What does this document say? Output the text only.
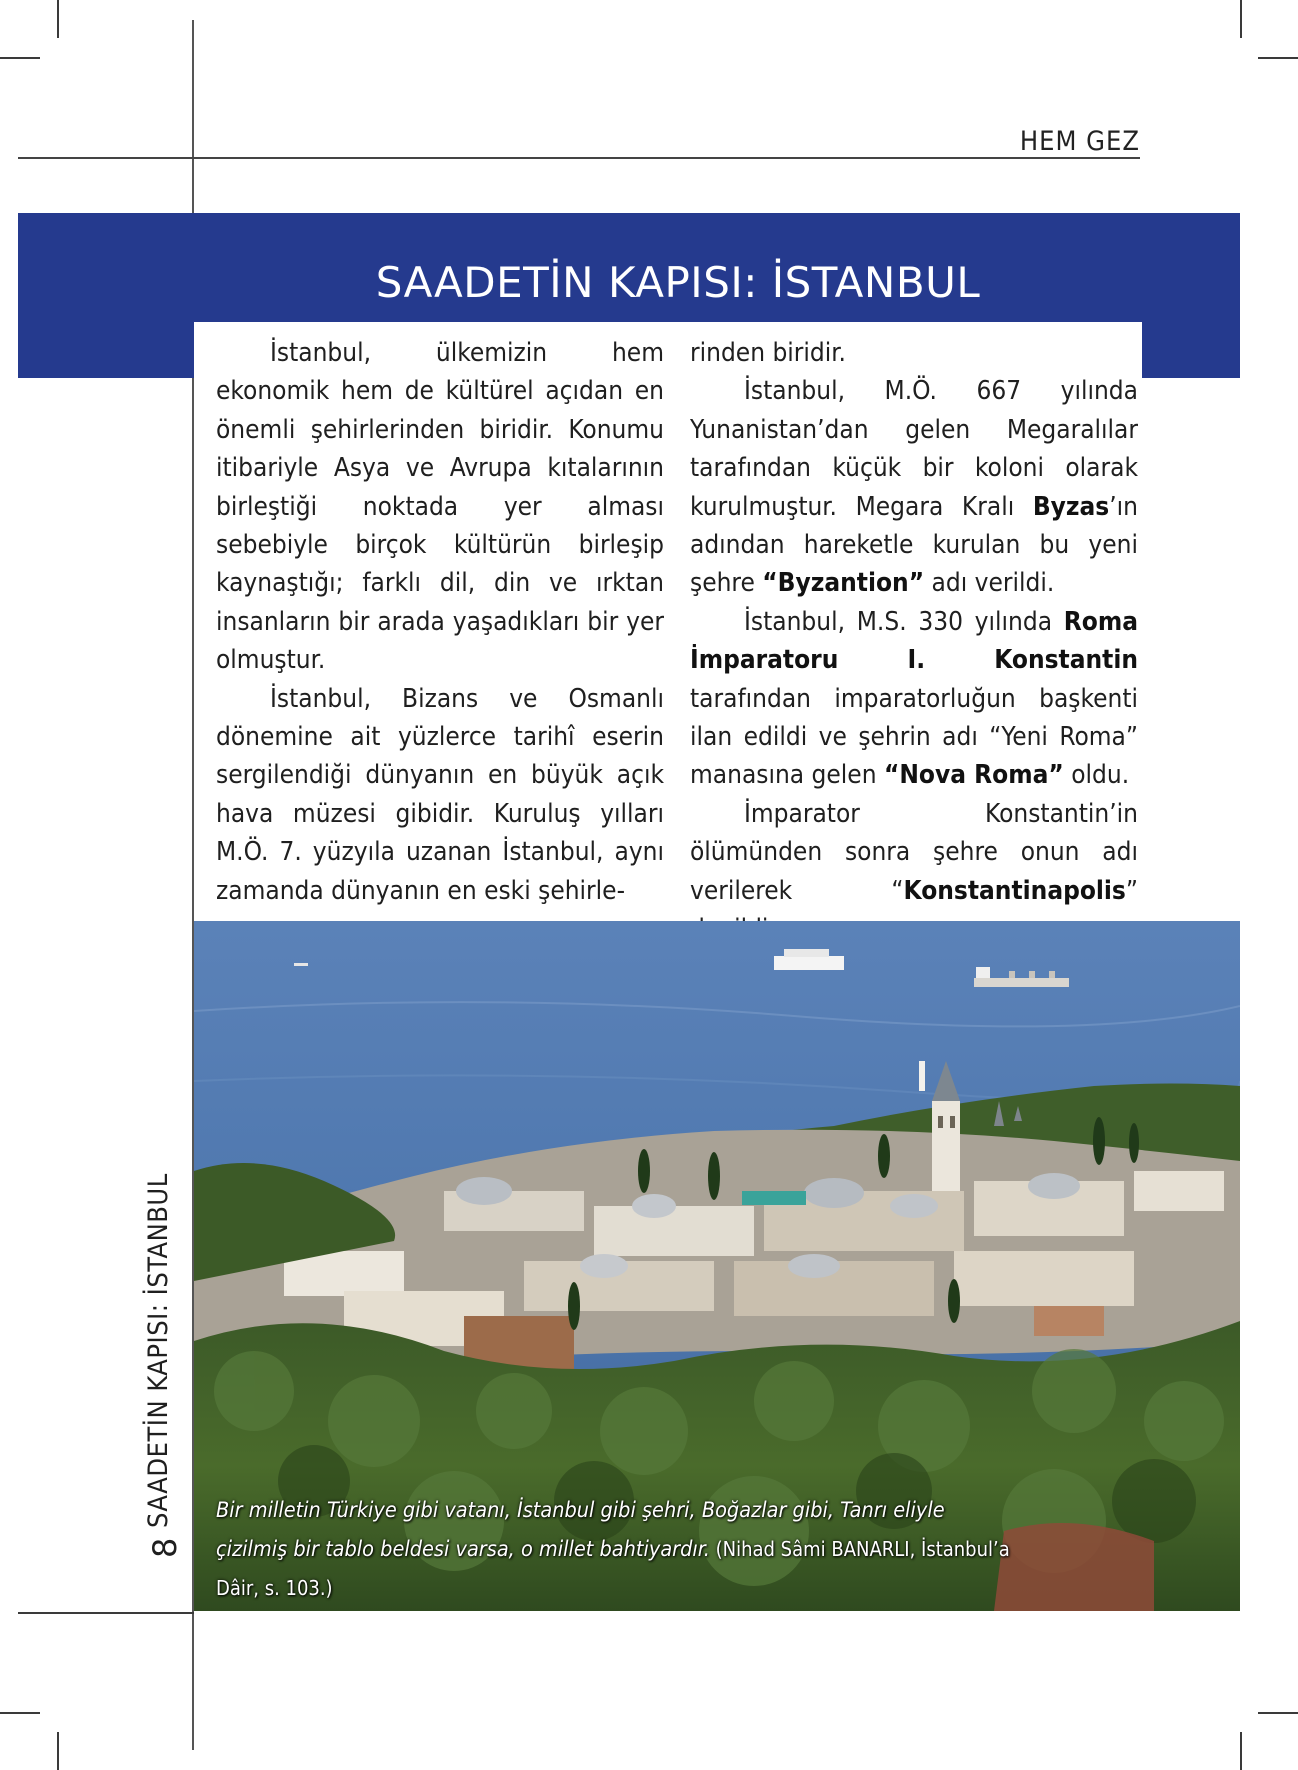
HEM GEZ
SAADETİN KAPISI: İSTANBUL

İstanbul, ülkemizin hem ekonomik hem de kültürel açıdan en önemli şehirlerinden biridir. Konumu itibariyle Asya ve Avrupa kıtalarının birleştiği noktada yer alması sebebiyle birçok kültürün birleşip kaynaştığı; farklı dil, din ve ırktan insanların bir arada yaşadıkları bir yer olmuştur.

İstanbul, Bizans ve Osmanlı dönemine ait yüzlerce tarihî eserin sergilendiği dünyanın en büyük açık hava müzesi gibidir. Kuruluş yılları M.Ö. 7. yüzyıla uzanan İstanbul, aynı zamanda dünyanın en eski şehirle-

rinden biridir.

İstanbul, M.Ö. 667 yılında Yunanistan’dan gelen Megaralılar tarafından küçük bir koloni olarak kurulmuştur. Megara Kralı Byzas’ın adından hareketle kurulan bu yeni şehre “Byzantion” adı verildi.

İstanbul, M.S. 330 yılında Roma İmparatoru I. Konstantin tarafından imparatorluğun başkenti ilan edildi ve şehrin adı “Yeni Roma” manasına gelen “Nova Roma” oldu.

İmparator Konstantin’in ölümünden sonra şehre onun adı verilerek “Konstantinapolis”

Bir milletin Türkiye gibi vatanı, İstanbul gibi şehri, Boğazlar gibi, Tanrı eliyle çizilmiş bir tablo beldesi varsa, o millet bahtiyardır. (Nihad Sâmi BANARLI, İstanbul’a Dâir, s. 103.)
SAADETİN KAPISI: İSTANBUL
8
